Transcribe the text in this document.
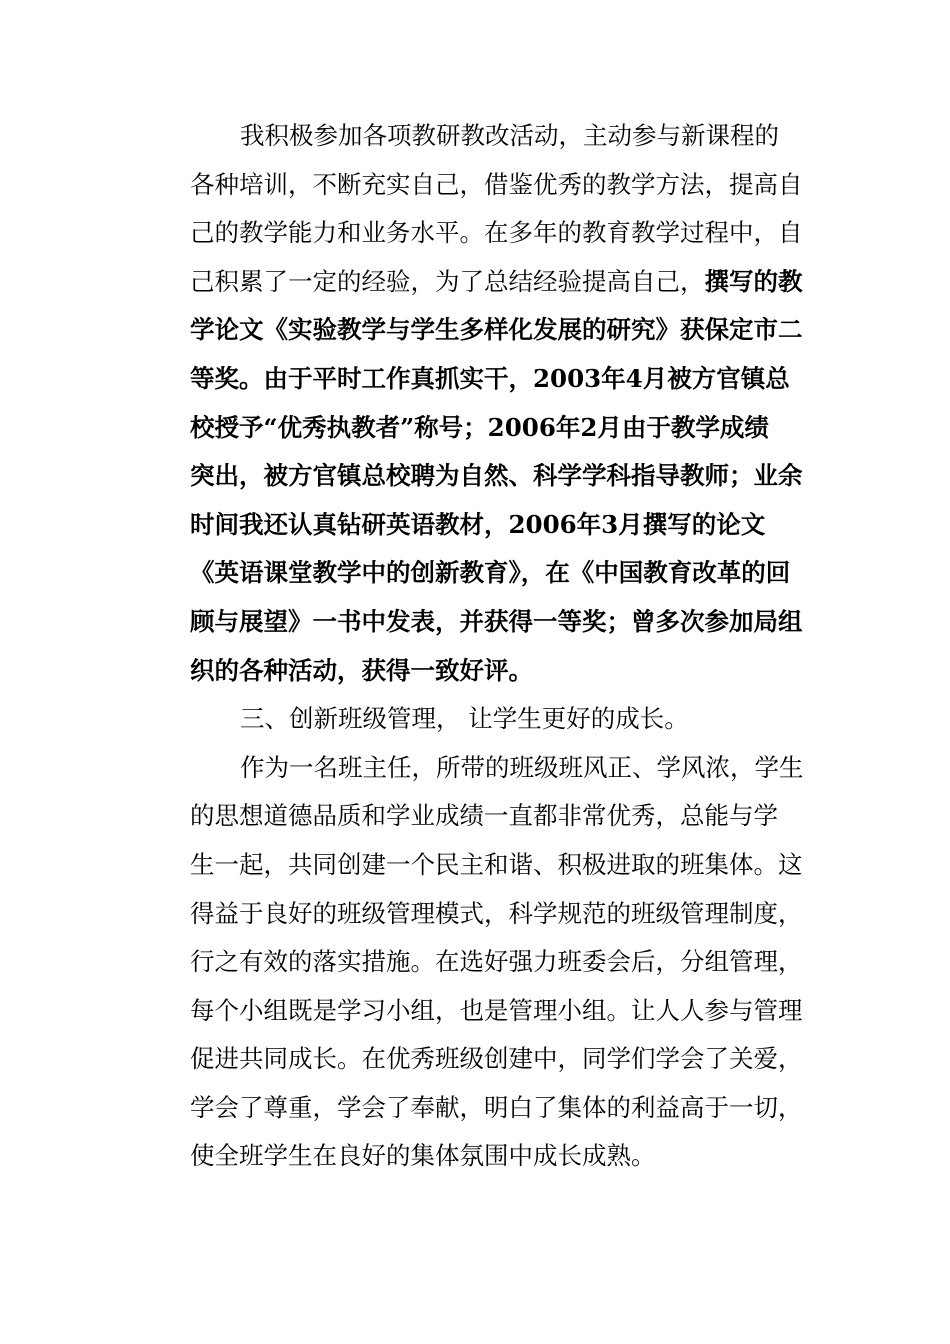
我积极参加各项教研教改活动，主动参与新课程的
各种培训，不断充实自己，借鉴优秀的教学方法，提高自
己的教学能力和业务水平。在多年的教育教学过程中，自
己积累了一定的经验，为了总结经验提高自己，撰写的教
学论文《实验教学与学生多样化发展的研究》获保定市二
等奖。由于平时工作真抓实干，2003年4月被方官镇总
校授予“优秀执教者”称号；2006年2月由于教学成绩
突出，被方官镇总校聘为自然、科学学科指导教师；业余
时间我还认真钻研英语教材，2006年3月撰写的论文
《英语课堂教学中的创新教育》，在《中国教育改革的回
顾与展望》一书中发表，并获得一等奖；曾多次参加局组
织的各种活动，获得一致好评。
三、创新班级管理， 让学生更好的成长。
作为一名班主任，所带的班级班风正、学风浓，学生
的思想道德品质和学业成绩一直都非常优秀，总能与学
生一起，共同创建一个民主和谐、积极进取的班集体。这
得益于良好的班级管理模式，科学规范的班级管理制度，
行之有效的落实措施。在选好强力班委会后，分组管理，
每个小组既是学习小组，也是管理小组。让人人参与管理
促进共同成长。在优秀班级创建中，同学们学会了关爱，
学会了尊重，学会了奉献，明白了集体的利益高于一切，
使全班学生在良好的集体氛围中成长成熟。
